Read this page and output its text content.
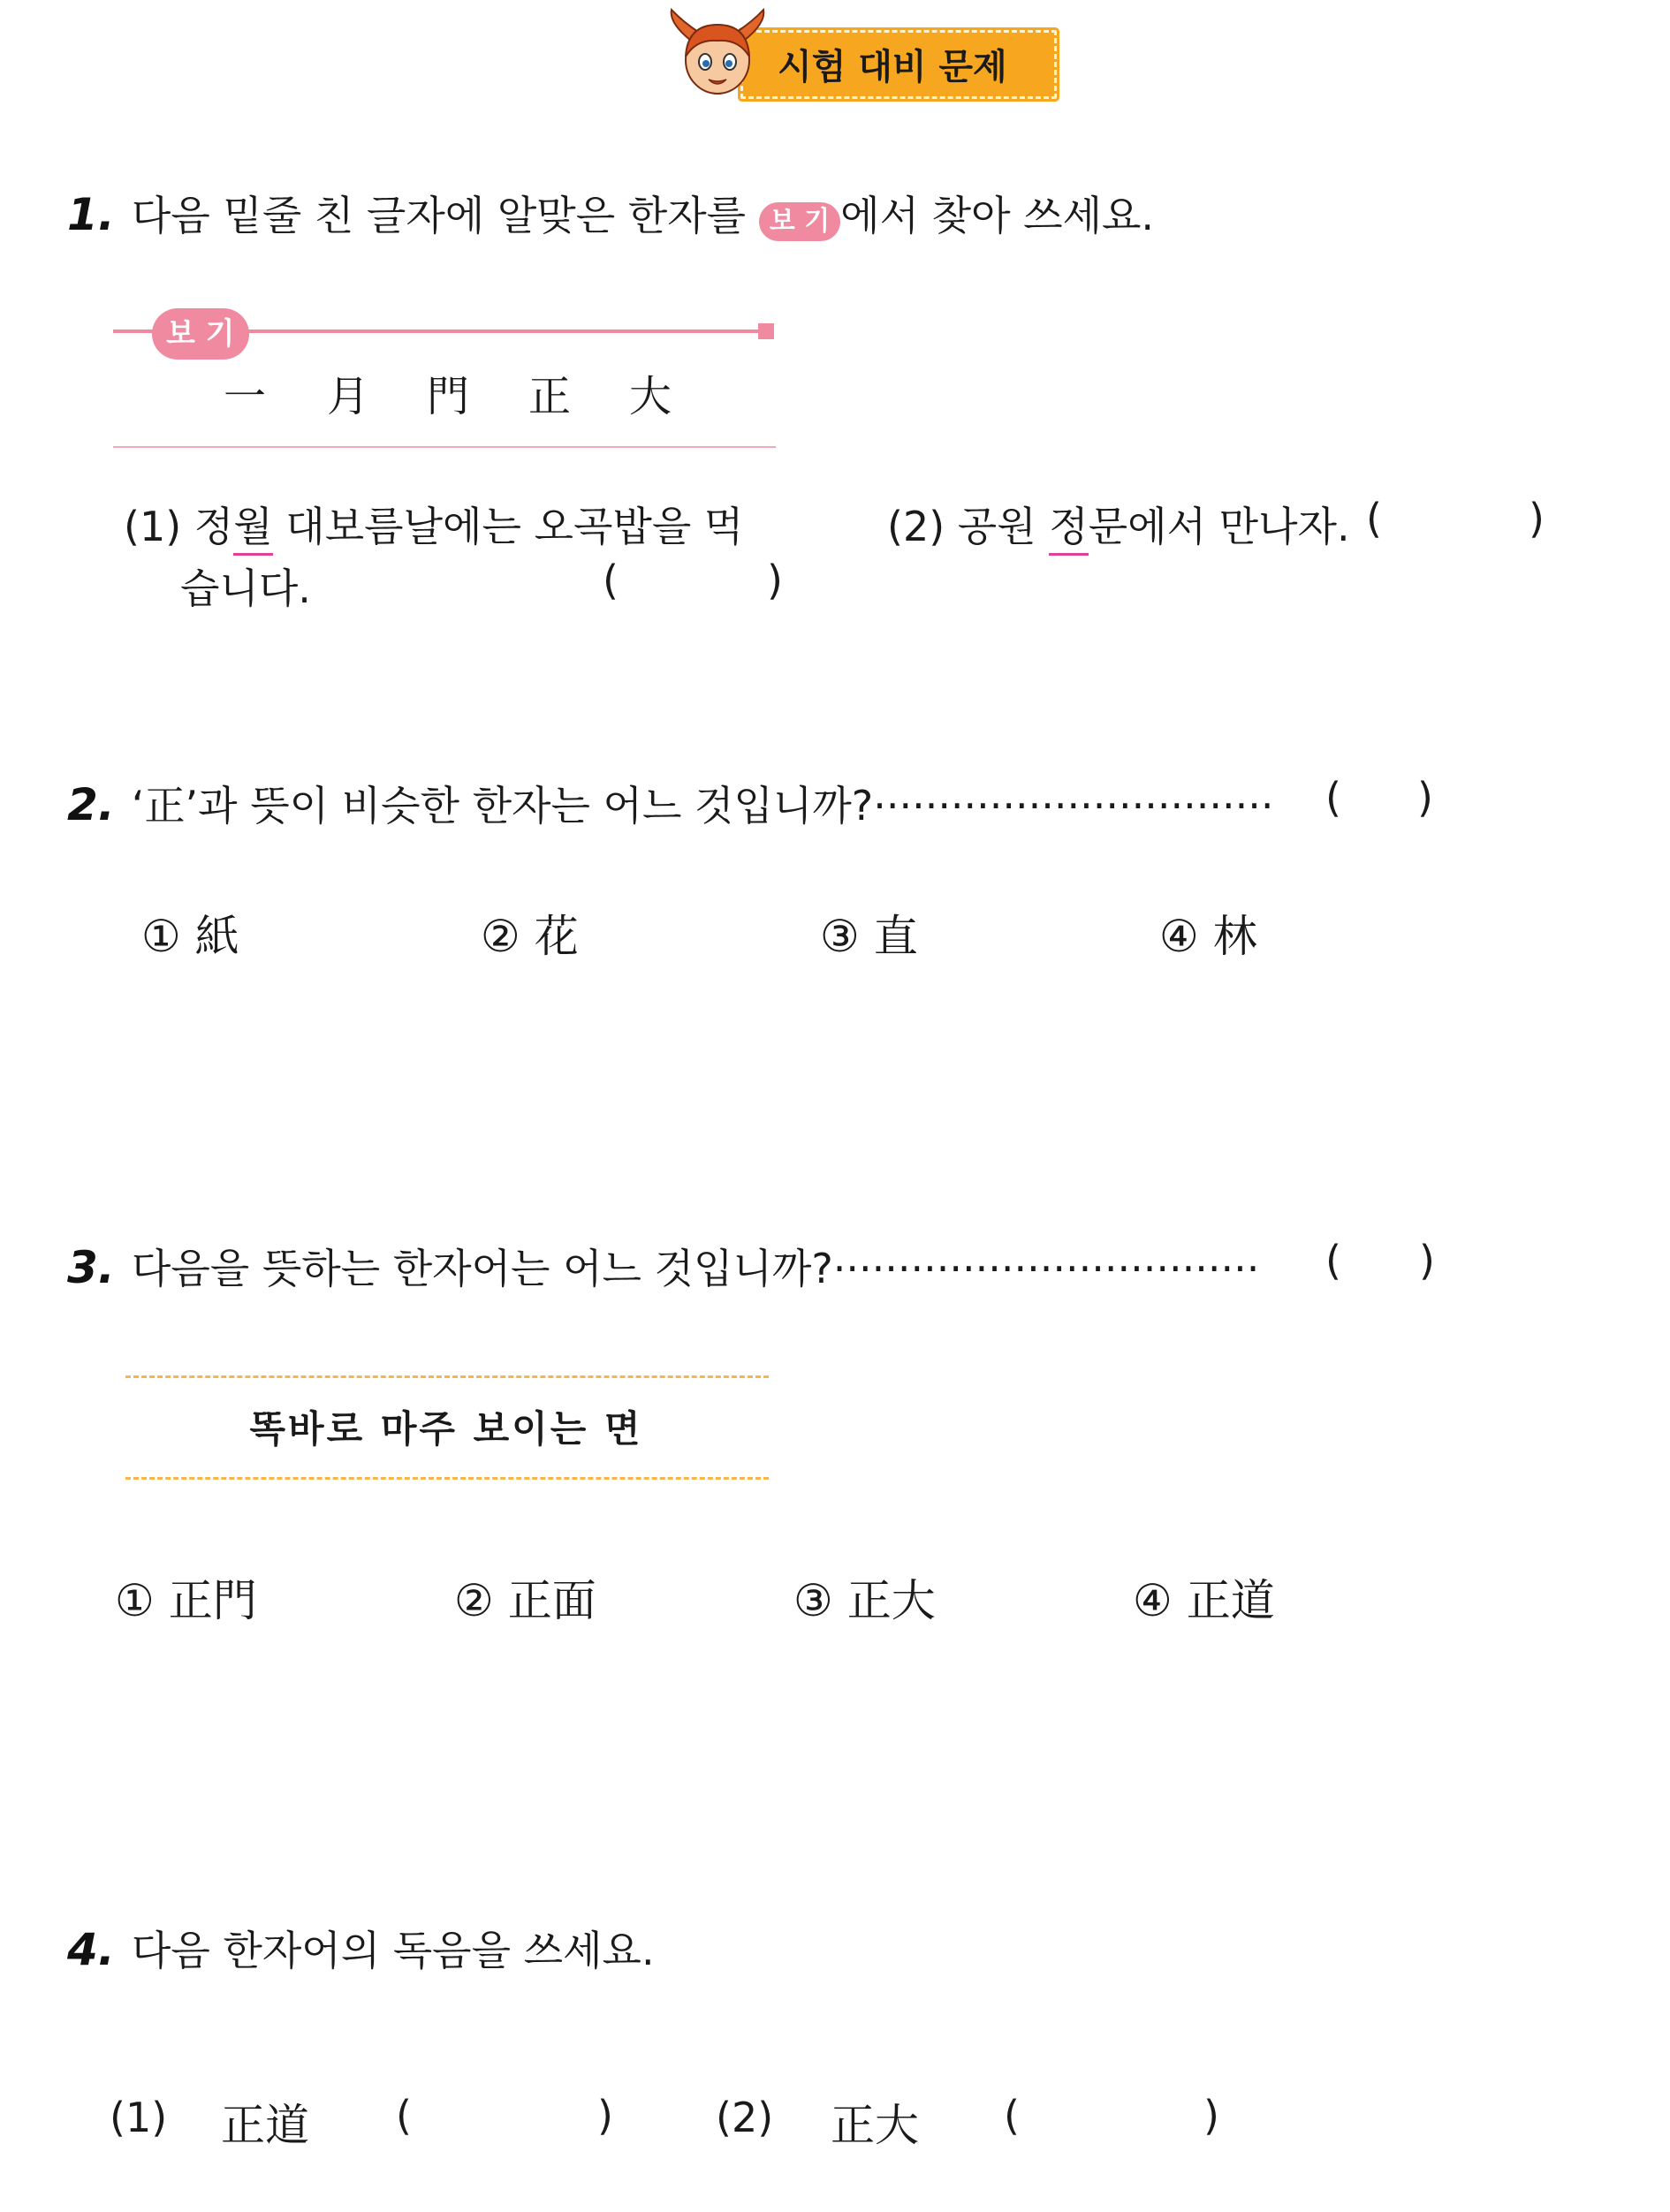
시험 대비 문제
1. 다음 밑줄 친 글자에 알맞은 한자를 보 기 에서 찾아 쓰세요.
보 기
一 月 門 正 大
(1) 정월 대보름날에는 오곡밥을 먹
습니다.	(	)
(2) 공원 정문에서 만나자. (	)
2. ‘正’과 뜻이 비슷한 한자는 어느 것입니까?······························· ( )
① 紙	② 花	③ 直	④ 林
3. 다음을 뜻하는 한자어는 어느 것입니까?································· ( )
똑바로 마주 보이는 면
① 正門	② 正面	③ 正大	④ 正道
4. 다음 한자어의 독음을 쓰세요.
(1) 正道 (	)	(2) 正大 (	)
